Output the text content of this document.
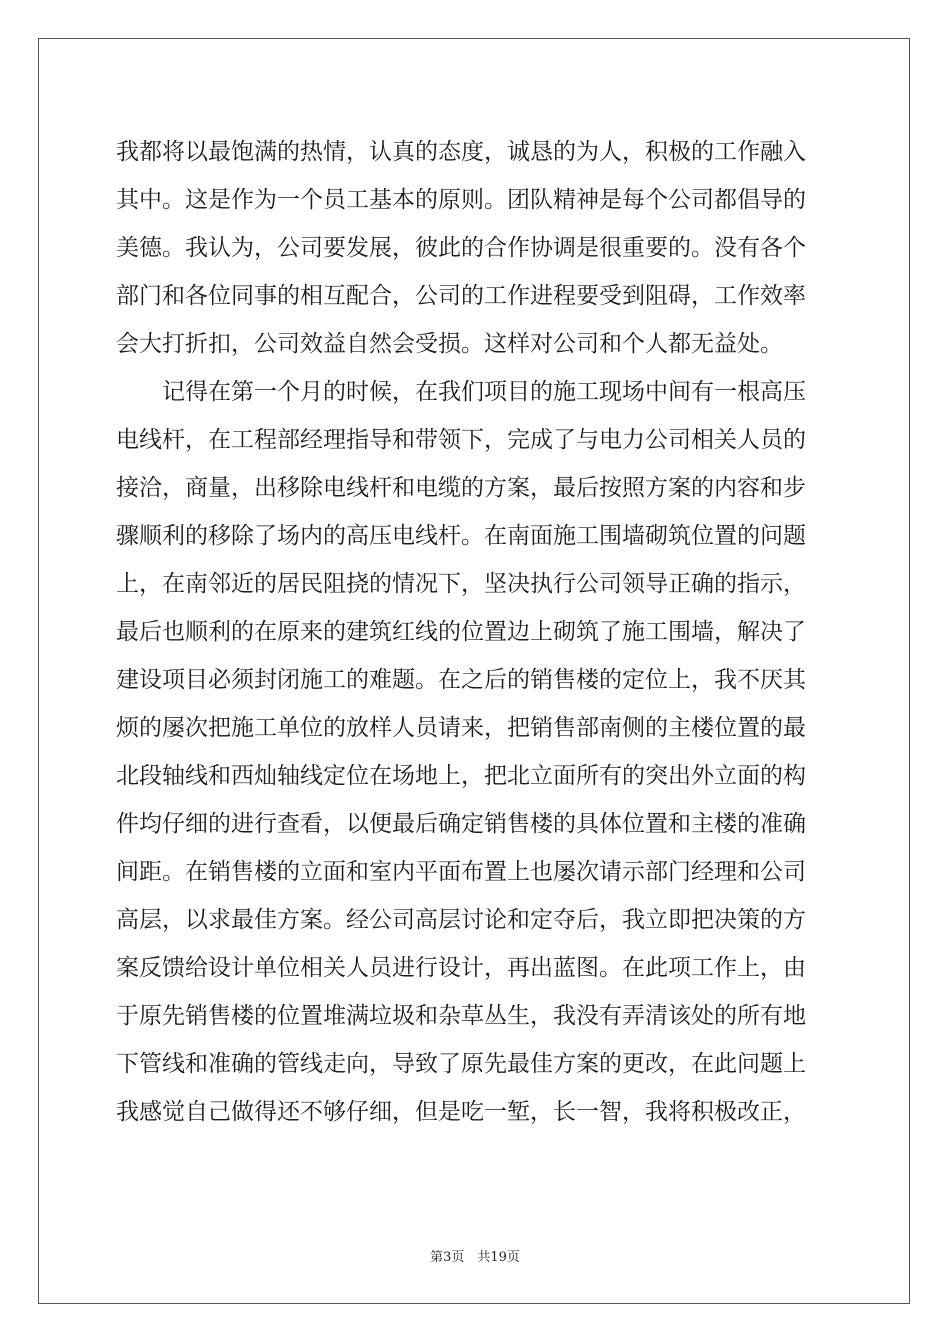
我都将以最饱满的热情，认真的态度，诚恳的为人，积极的工作融入
其中。这是作为一个员工基本的原则。团队精神是每个公司都倡导的
美德。我认为，公司要发展，彼此的合作协调是很重要的。没有各个
部门和各位同事的相互配合，公司的工作进程要受到阻碍，工作效率
会大打折扣，公司效益自然会受损。这样对公司和个人都无益处。
记得在第一个月的时候，在我们项目的施工现场中间有一根高压
电线杆，在工程部经理指导和带领下，完成了与电力公司相关人员的
接洽，商量，出移除电线杆和电缆的方案，最后按照方案的内容和步
骤顺利的移除了场内的高压电线杆。在南面施工围墙砌筑位置的问题
上，在南邻近的居民阻挠的情况下，坚决执行公司领导正确的指示，
最后也顺利的在原来的建筑红线的位置边上砌筑了施工围墙，解决了
建设项目必须封闭施工的难题。在之后的销售楼的定位上，我不厌其
烦的屡次把施工单位的放样人员请来，把销售部南侧的主楼位置的最
北段轴线和西灿轴线定位在场地上，把北立面所有的突出外立面的构
件均仔细的进行查看，以便最后确定销售楼的具体位置和主楼的准确
间距。在销售楼的立面和室内平面布置上也屡次请示部门经理和公司
高层，以求最佳方案。经公司高层讨论和定夺后，我立即把决策的方
案反馈给设计单位相关人员进行设计，再出蓝图。在此项工作上，由
于原先销售楼的位置堆满垃圾和杂草丛生，我没有弄清该处的所有地
下管线和准确的管线走向，导致了原先最佳方案的更改，在此问题上
我感觉自己做得还不够仔细，但是吃一堑，长一智，我将积极改正，
第3页　共19页
